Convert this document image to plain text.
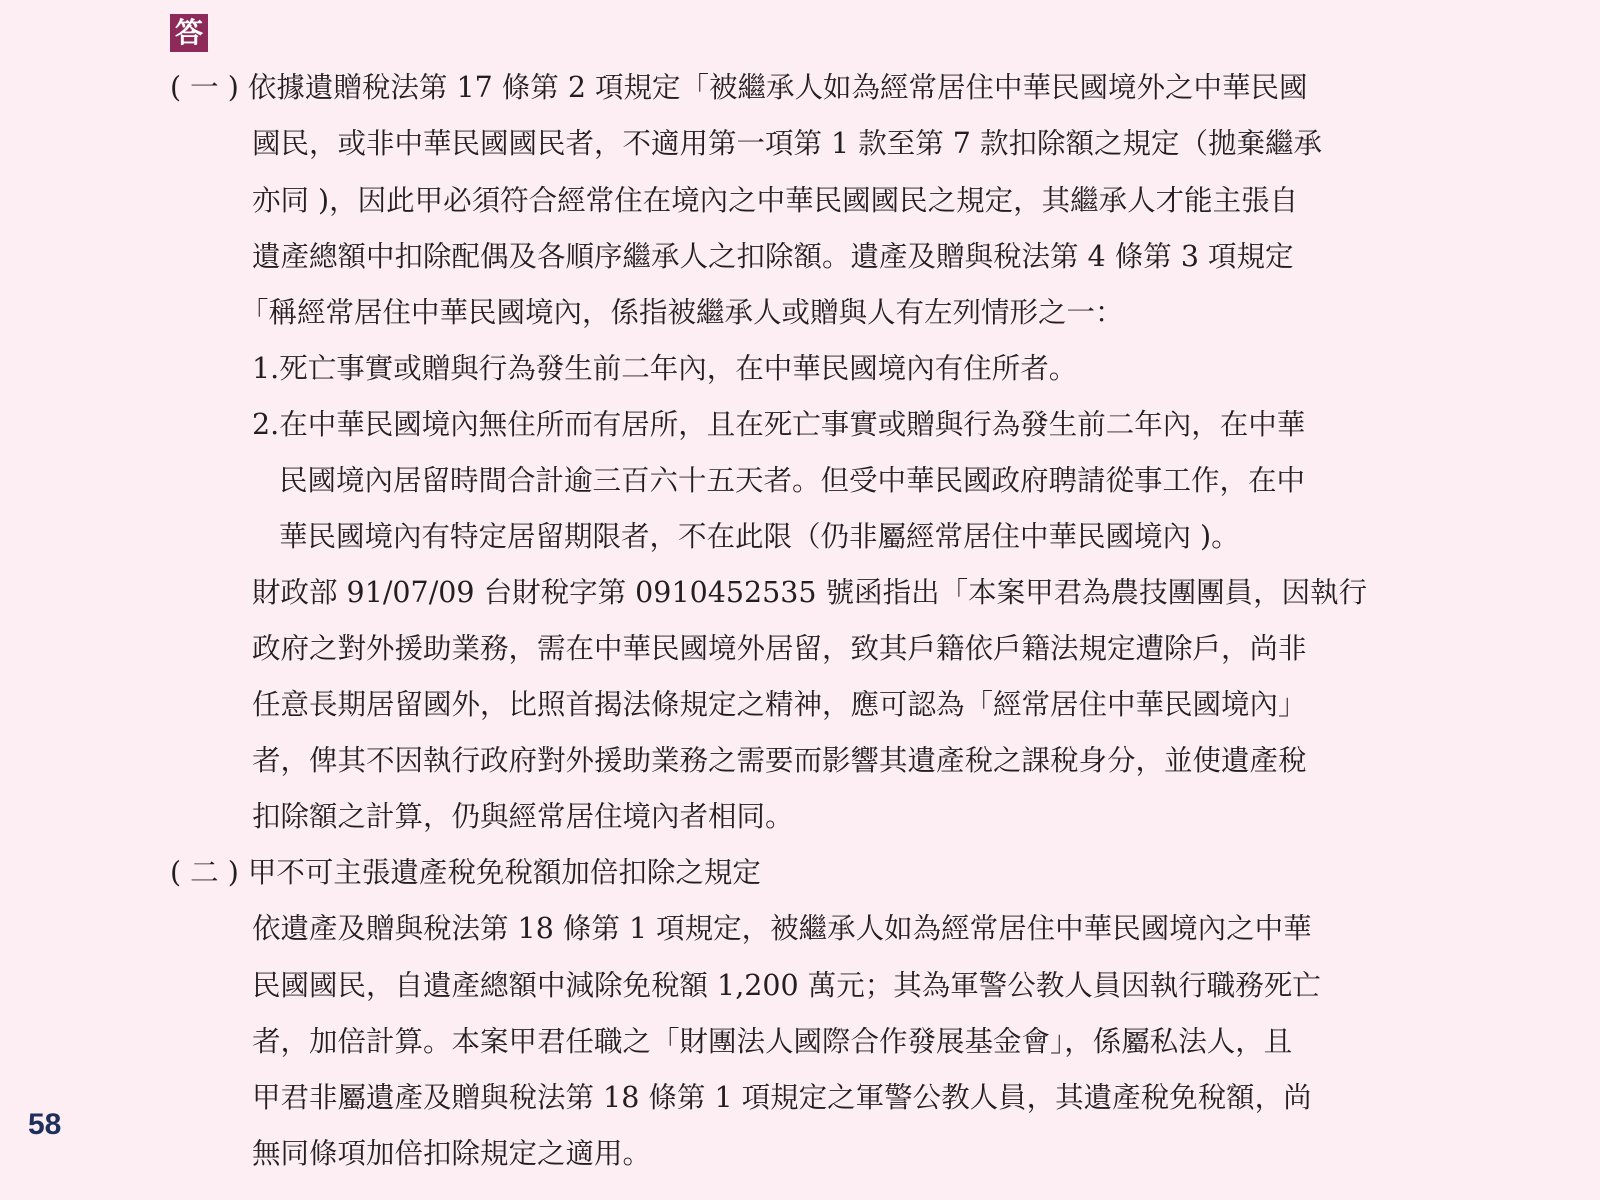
答
( 一 ) 依據遺贈稅法第 17 條第 2 項規定「被繼承人如為經常居住中華民國境外之中華民國
國民，或非中華民國國民者，不適用第一項第 1 款至第 7 款扣除額之規定（拋棄繼承
亦同 )，因此甲必須符合經常住在境內之中華民國國民之規定，其繼承人才能主張自
遺產總額中扣除配偶及各順序繼承人之扣除額。遺產及贈與稅法第 4 條第 3 項規定
「稱經常居住中華民國境內，係指被繼承人或贈與人有左列情形之一：
1.死亡事實或贈與行為發生前二年內，在中華民國境內有住所者。
2.在中華民國境內無住所而有居所，且在死亡事實或贈與行為發生前二年內，在中華
民國境內居留時間合計逾三百六十五天者。但受中華民國政府聘請從事工作，在中
華民國境內有特定居留期限者，不在此限（仍非屬經常居住中華民國境內 )。
財政部 91/07/09 台財稅字第 0910452535 號函指出「本案甲君為農技團團員，因執行
政府之對外援助業務，需在中華民國境外居留，致其戶籍依戶籍法規定遭除戶，尚非
任意長期居留國外，比照首揭法條規定之精神，應可認為「經常居住中華民國境內」
者，俾其不因執行政府對外援助業務之需要而影響其遺產稅之課稅身分，並使遺產稅
扣除額之計算，仍與經常居住境內者相同。
( 二 ) 甲不可主張遺產稅免稅額加倍扣除之規定
依遺產及贈與稅法第 18 條第 1 項規定，被繼承人如為經常居住中華民國境內之中華
民國國民，自遺產總額中減除免稅額 1,200 萬元；其為軍警公教人員因執行職務死亡
者，加倍計算。本案甲君任職之「財團法人國際合作發展基金會」，係屬私法人，且
甲君非屬遺產及贈與稅法第 18 條第 1 項規定之軍警公教人員，其遺產稅免稅額，尚
無同條項加倍扣除規定之適用。
58
